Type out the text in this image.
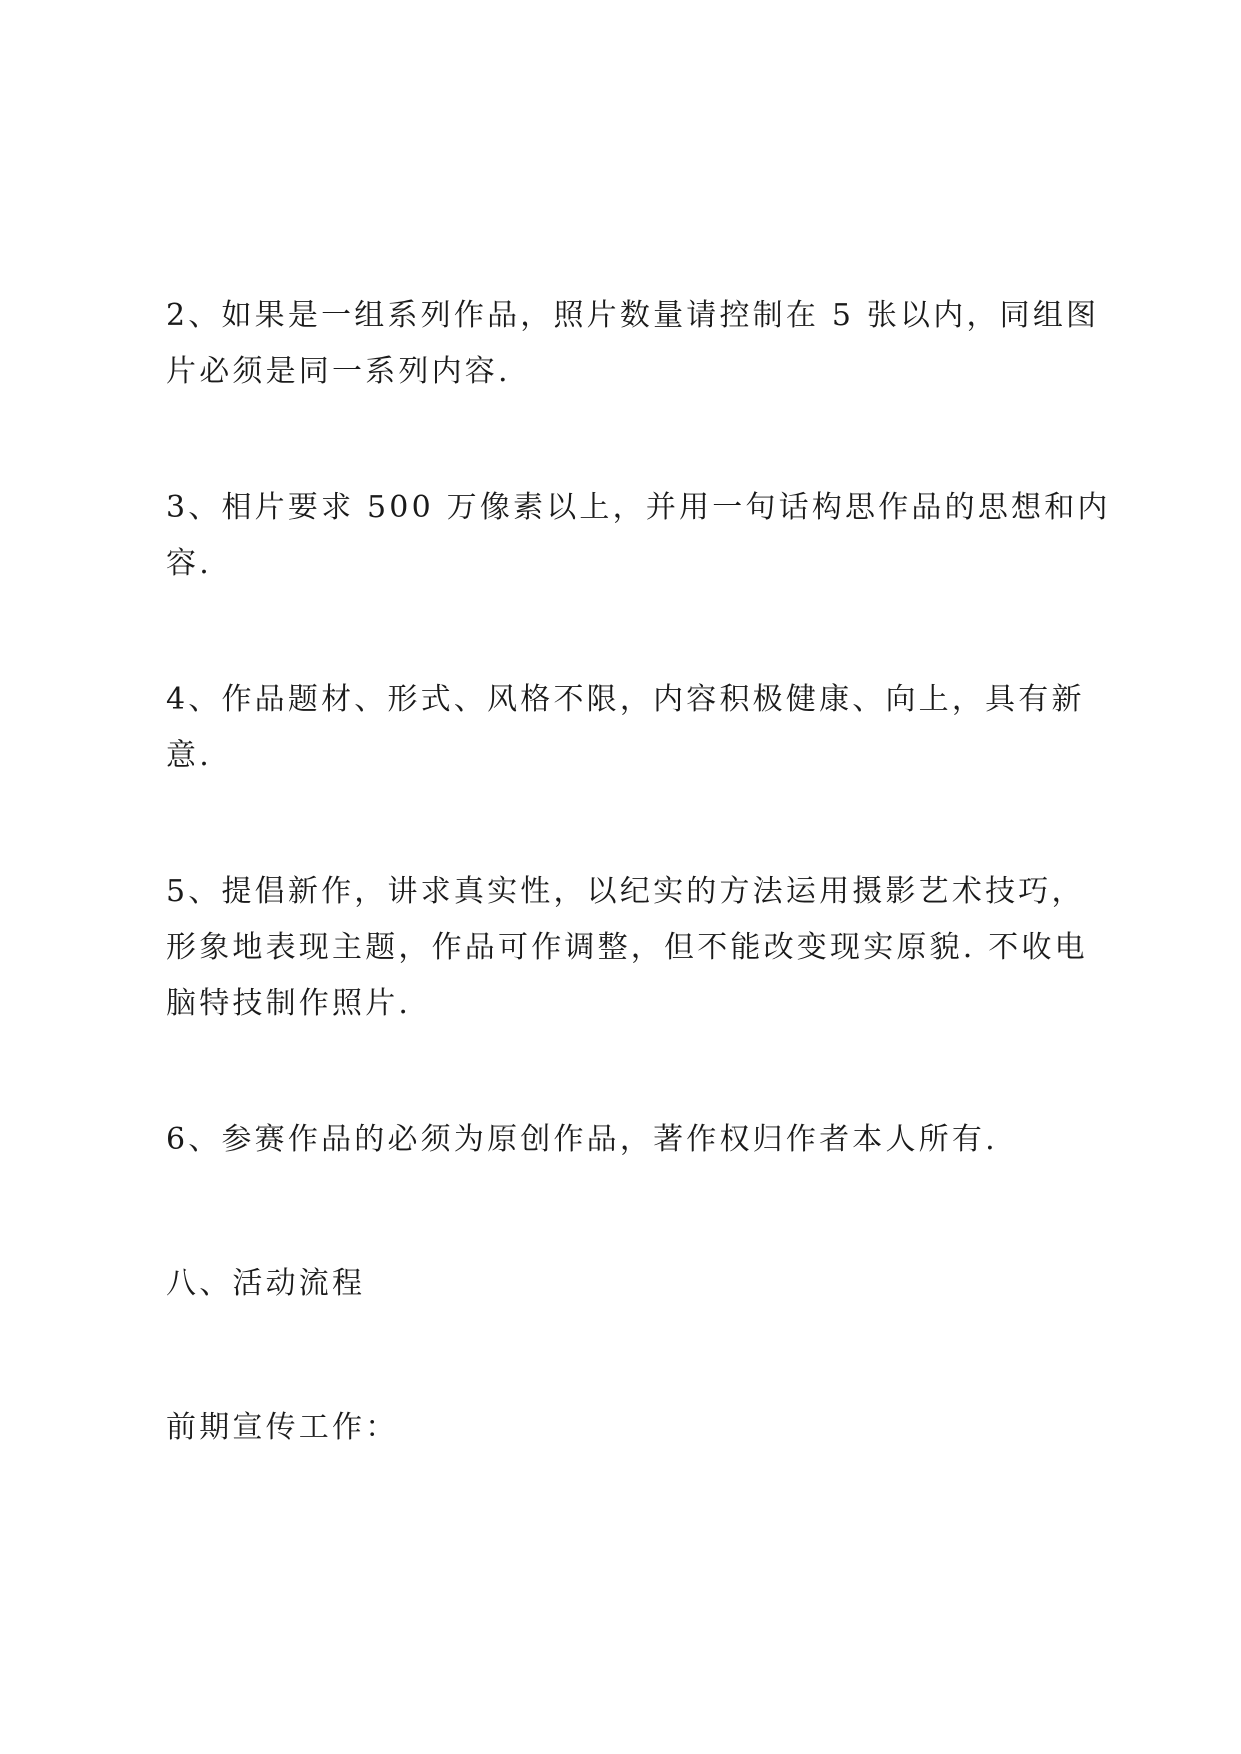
2、如果是一组系列作品，照片数量请控制在 5 张以内，同组图
片必须是同一系列内容.
3、相片要求 500 万像素以上，并用一句话构思作品的思想和内
容.
4、作品题材、形式、风格不限，内容积极健康、向上，具有新
意.
5、提倡新作，讲求真实性，以纪实的方法运用摄影艺术技巧，
形象地表现主题，作品可作调整，但不能改变现实原貌. 不收电
脑特技制作照片.
6、参赛作品的必须为原创作品，著作权归作者本人所有.
八、活动流程
前期宣传工作：
